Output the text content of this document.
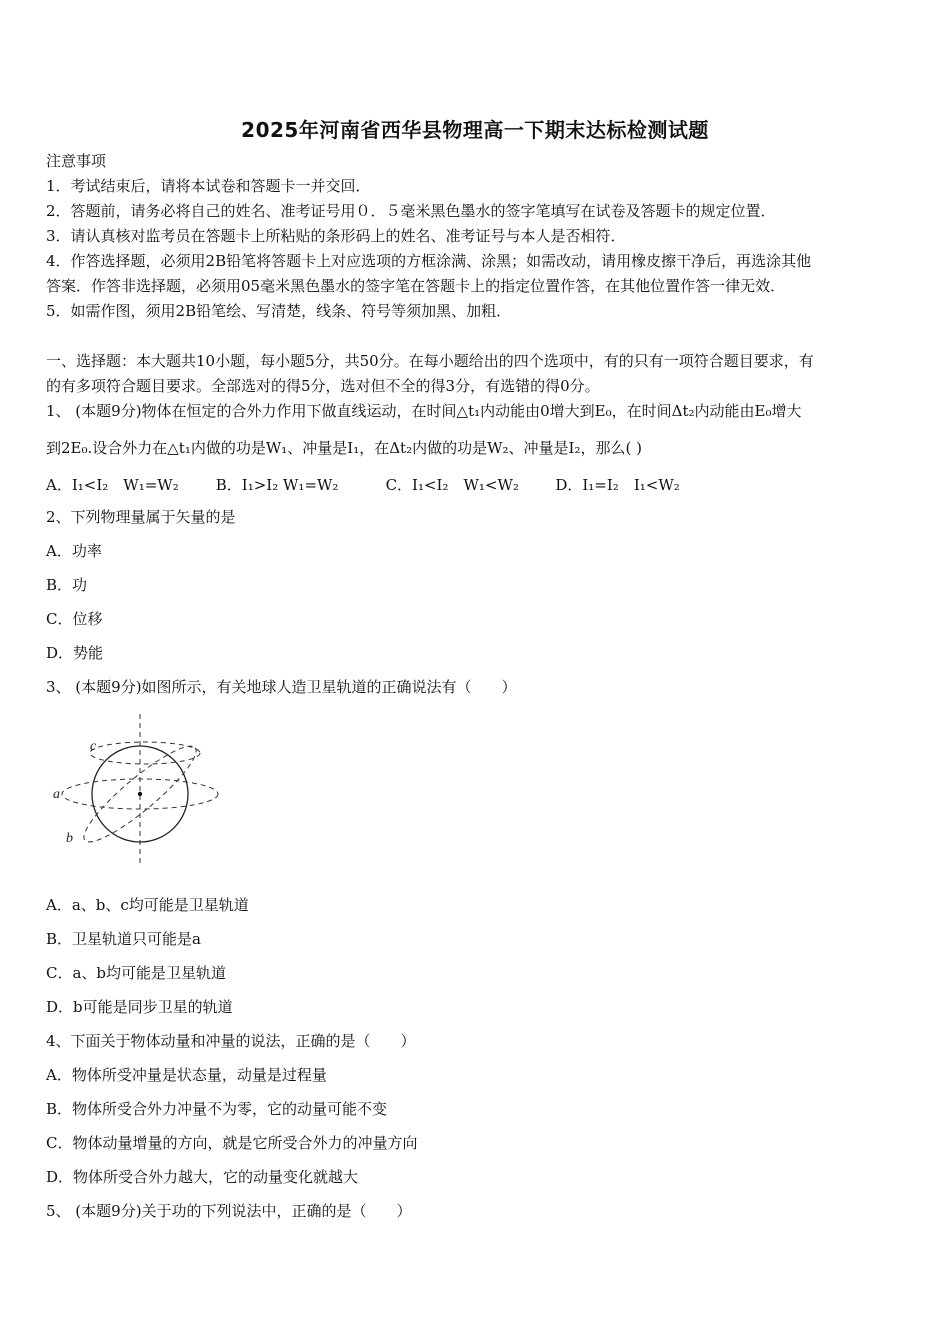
2025年河南省西华县物理高一下期末达标检测试题
注意事项
1．考试结束后，请将本试卷和答题卡一并交回．
2．答题前，请务必将自己的姓名、准考证号用０．５毫米黑色墨水的签字笔填写在试卷及答题卡的规定位置．
3．请认真核对监考员在答题卡上所粘贴的条形码上的姓名、准考证号与本人是否相符．
4．作答选择题，必须用2B铅笔将答题卡上对应选项的方框涂满、涂黑；如需改动，请用橡皮擦干净后，再选涂其他
答案．作答非选择题，必须用05毫米黑色墨水的签字笔在答题卡上的指定位置作答，在其他位置作答一律无效．
5．如需作图，须用2B铅笔绘、写清楚，线条、符号等须加黑、加粗．
一、选择题：本大题共10小题，每小题5分，共50分。在每小题给出的四个选项中，有的只有一项符合题目要求，有
的有多项符合题目要求。全部选对的得5分，选对但不全的得3分，有选错的得0分。
1、 (本题9分)物体在恒定的合外力作用下做直线运动，在时间△t₁内动能由0增大到E₀，在时间Δt₂内动能由E₀增大
到2E₀.设合外力在△t₁内做的功是W₁、冲量是I₁，在Δt₂内做的功是W₂、冲量是I₂，那么( )
A．I₁<I₂　W₁=W₂ B．I₁>I₂ W₁=W₂	C．I₁<I₂　W₁<W₂ D．I₁=I₂　I₁<W₂
2、下列物理量属于矢量的是
A．功率
B．功
C．位移
D．势能
3、 (本题9分)如图所示，有关地球人造卫星轨道的正确说法有（　　）
c
a
b
A．a、b、c均可能是卫星轨道
B．卫星轨道只可能是a
C．a、b均可能是卫星轨道
D．b可能是同步卫星的轨道
4、下面关于物体动量和冲量的说法，正确的是（　　）
A．物体所受冲量是状态量，动量是过程量
B．物体所受合外力冲量不为零，它的动量可能不变
C．物体动量增量的方向，就是它所受合外力的冲量方向
D．物体所受合外力越大，它的动量变化就越大
5、 (本题9分)关于功的下列说法中，正确的是（　　）
